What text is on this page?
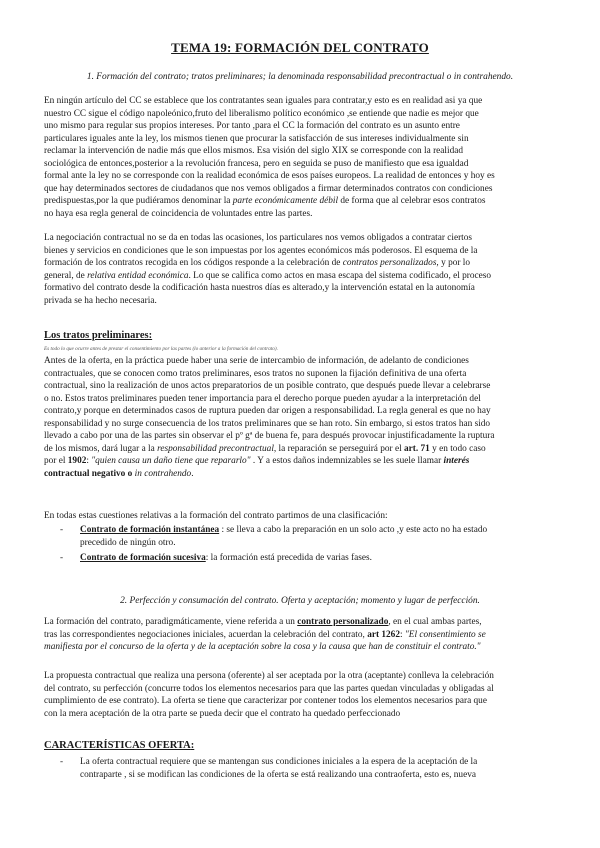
TEMA 19: FORMACIÓN DEL CONTRATO
1. Formación del contrato; tratos preliminares; la denominada responsabilidad precontractual o in contrahendo.
En ningún artículo del CC se establece que los contratantes sean iguales para contratar,y esto es en realidad asi ya que
nuestro CC sigue el código napoleónico,fruto del liberalismo político económico ,se entiende que nadie es mejor que
uno mismo para regular sus propios intereses. Por tanto ,para el CC la formación del contrato es un asunto entre
particulares iguales ante la ley, los mismos tienen que procurar la satisfacción de sus intereses individualmente sin
reclamar la intervención de nadie más que ellos mismos. Esa visión del siglo XIX se corresponde con la realidad
sociológica de entonces,posterior a la revolución francesa, pero en seguida se puso de manifiesto que esa igualdad
formal ante la ley no se corresponde con la realidad económica de esos países europeos. La realidad de entonces y hoy es
que hay determinados sectores de ciudadanos que nos vemos obligados a firmar determinados contratos con condiciones
predispuestas,por la que pudiéramos denominar la parte económicamente débil de forma que al celebrar esos contratos
no haya esa regla general de coincidencia de voluntades entre las partes.
La negociación contractual no se da en todas las ocasiones, los particulares nos vemos obligados a contratar ciertos
bienes y servicios en condiciones que le son impuestas por los agentes económicos más poderosos. El esquema de la
formación de los contratos recogida en los códigos responde a la celebración de contratos personalizados, y por lo
general, de relativa entidad económica. Lo que se califica como actos en masa escapa del sistema codificado, el proceso
formativo del contrato desde la codificación hasta nuestros días es alterado,y la intervención estatal en la autonomía
privada se ha hecho necesaria.
Los tratos preliminares:
Es todo lo que ocurre antes de prestar el consentimiento por las partes (lo anterior a la formación del contrato).
Antes de la oferta, en la práctica puede haber una serie de intercambio de información, de adelanto de condiciones
contractuales, que se conocen como tratos preliminares, esos tratos no suponen la fijación definitiva de una oferta
contractual, sino la realización de unos actos preparatorios de un posible contrato, que después puede llevar a celebrarse
o no. Estos tratos preliminares pueden tener importancia para el derecho porque pueden ayudar a la interpretación del
contrato,y porque en determinados casos de ruptura pueden dar origen a responsabilidad. La regla general es que no hay
responsabilidad y no surge consecuencia de los tratos preliminares que se han roto. Sin embargo, si estos tratos han sido
llevado a cabo por una de las partes sin observar el pº gª de buena fe, para después provocar injustificadamente la ruptura
de los mismos, dará lugar a la responsabilidad precontractual, la reparación se perseguirá por el art. 71 y en todo caso
por el 1902: "quien causa un daño tiene que repararlo" . Y a estos daños indemnizables se les suele llamar interés
contractual negativo o in contrahendo.
En todas estas cuestiones relativas a la formación del contrato partimos de una clasificación:
- Contrato de formación instantánea : se lleva a cabo la preparación en un solo acto ,y este acto no ha estado
precedido de ningún otro.
- Contrato de formación sucesiva: la formación está precedida de varias fases.
2. Perfección y consumación del contrato. Oferta y aceptación; momento y lugar de perfección.
La formación del contrato, paradigmáticamente, viene referida a un contrato personalizado, en el cual ambas partes,
tras las correspondientes negociaciones iniciales, acuerdan la celebración del contrato, art 1262: "El consentimiento se
manifiesta por el concurso de la oferta y de la aceptación sobre la cosa y la causa que han de constituir el contrato."
La propuesta contractual que realiza una persona (oferente) al ser aceptada por la otra (aceptante) conlleva la celebración
del contrato, su perfección (concurre todos los elementos necesarios para que las partes quedan vinculadas y obligadas al
cumplimiento de ese contrato). La oferta se tiene que caracterizar por contener todos los elementos necesarios para que
con la mera aceptación de la otra parte se pueda decir que el contrato ha quedado perfeccionado
CARACTERÍSTICAS OFERTA:
- La oferta contractual requiere que se mantengan sus condiciones iniciales a la espera de la aceptación de la
contraparte , si se modifican las condiciones de la oferta se está realizando una contraoferta, esto es, nueva
